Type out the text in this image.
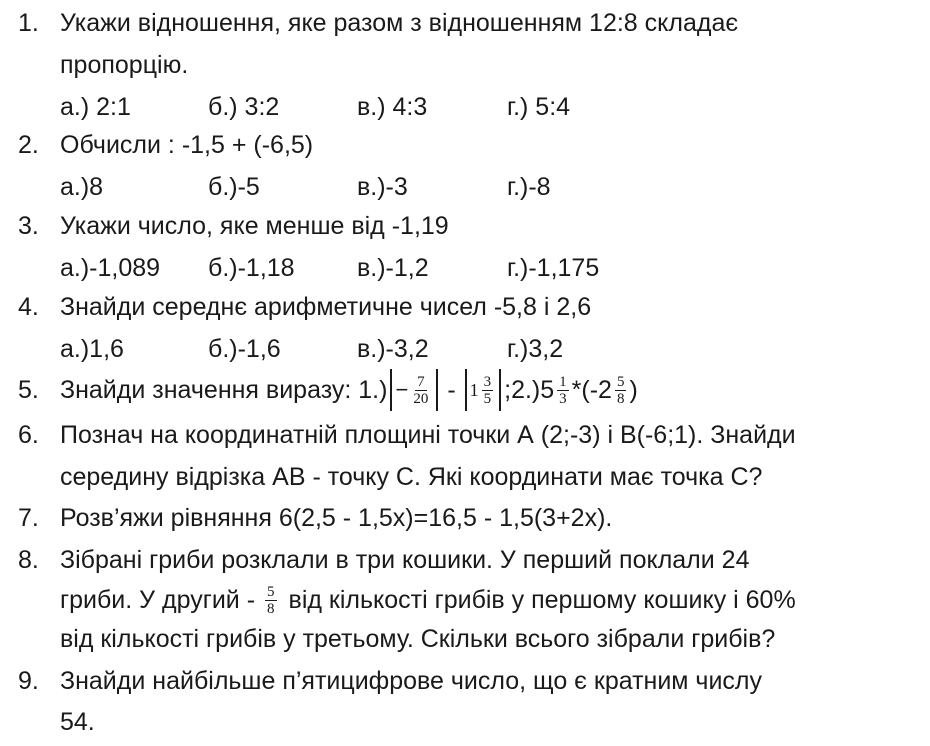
1. Укажи відношення, яке разом з відношенням 12:8 складає
пропорцію.
а.) 2:1	б.) 3:2	в.) 4:3	г.) 5:4
2. Обчисли : -1,5 + (-6,5)
а.)8	б.)-5	в.)-3	г.)-8
3. Укажи число, яке менше від -1,19
а.)-1,089 б.)-1,18 в.)-1,2	г.)-1,175
4. Знайди середнє арифметичне чисел -5,8 і 2,6
а.)1,6	б.)-1,6	в.)-3,2	г.)3,2
5. Знайди значення виразу: $1.) - \frac{7}{20} - 1 \frac{3}{5}$ ;2.)5 $\frac{1}{3} *(-2 \frac{5}{8}$ )
6. Познач на координатній площині точки А (2;-3) і В(-6;1). Знайди
середину відрізка АВ - точку С. Які координати має точка С?
7. Розв’яжи рівняння 6(2,5 - 1,5х)=16,5 - 1,5(3+2х).
8. Зібрані гриби розклали в три кошики. У перший поклали 24
гриби. У другий - $\frac{5}{8}$ від кількості грибів у першому кошику і 60%
від кількості грибів у третьому. Скільки всього зібрали грибів?
9. Знайди найбільше п’ятицифрове число, що є кратним числу
54.
